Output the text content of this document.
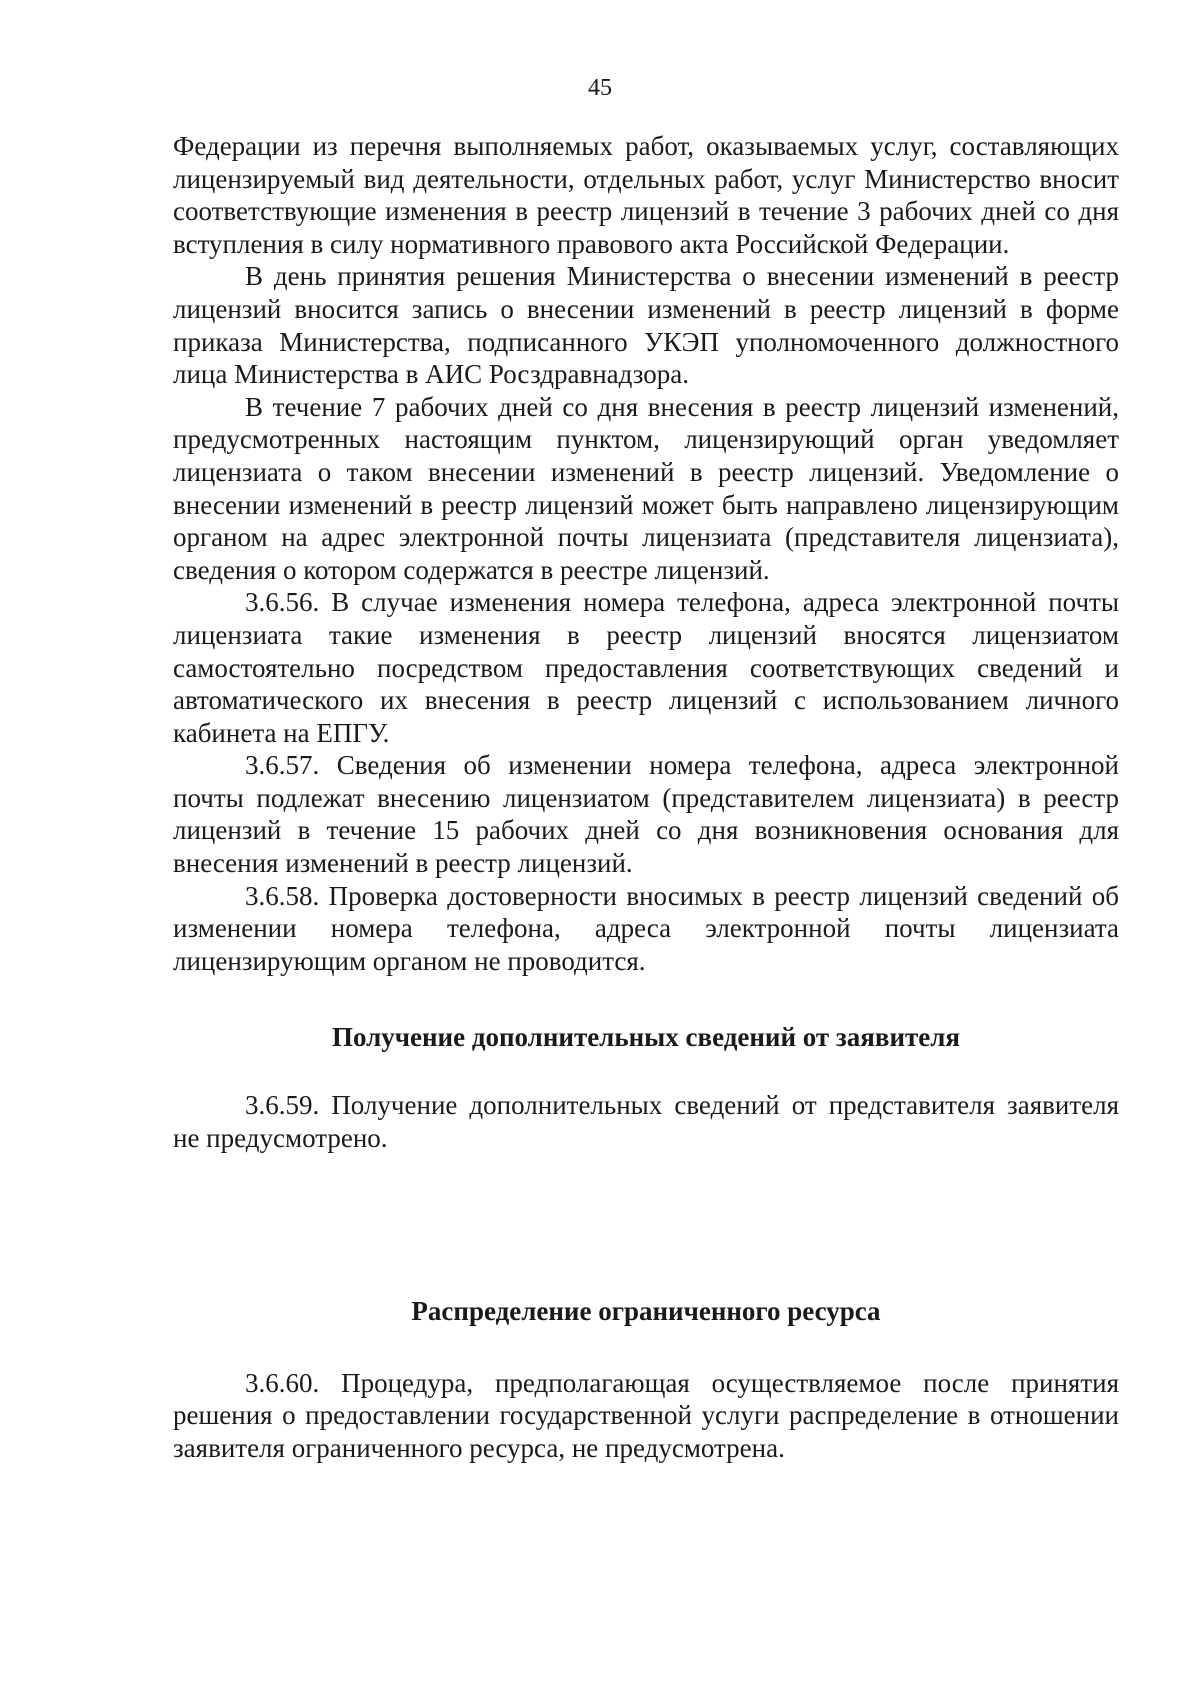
45

Федерации из перечня выполняемых работ, оказываемых услуг, составляющих лицензируемый вид деятельности, отдельных работ, услуг Министерство вносит соответствующие изменения в реестр лицензий в течение 3 рабочих дней со дня вступления в силу нормативного правового акта Российской Федерации.

В день принятия решения Министерства о внесении изменений в реестр лицензий вносится запись о внесении изменений в реестр лицензий в форме приказа Министерства, подписанного УКЭП уполномоченного должностного лица Министерства в АИС Росздравнадзора.

В течение 7 рабочих дней со дня внесения в реестр лицензий изменений, предусмотренных настоящим пунктом, лицензирующий орган уведомляет лицензиата о таком внесении изменений в реестр лицензий. Уведомление о внесении изменений в реестр лицензий может быть направлено лицензирующим органом на адрес электронной почты лицензиата (представителя лицензиата), сведения о котором содержатся в реестре лицензий.

3.6.56. В случае изменения номера телефона, адреса электронной почты лицензиата такие изменения в реестр лицензий вносятся лицензиатом самостоятельно посредством предоставления соответствующих сведений и автоматического их внесения в реестр лицензий с использованием личного кабинета на ЕПГУ.

3.6.57. Сведения об изменении номера телефона, адреса электронной почты подлежат внесению лицензиатом (представителем лицензиата) в реестр лицензий в течение 15 рабочих дней со дня возникновения основания для внесения изменений в реестр лицензий.

3.6.58. Проверка достоверности вносимых в реестр лицензий сведений об изменении номера телефона, адреса электронной почты лицензиата лицензирующим органом не проводится.

Получение дополнительных сведений от заявителя

3.6.59. Получение дополнительных сведений от представителя заявителя не предусмотрено.

Распределение ограниченного ресурса

3.6.60. Процедура, предполагающая осуществляемое после принятия решения о предоставлении государственной услуги распределение в отношении заявителя ограниченного ресурса, не предусмотрена.
